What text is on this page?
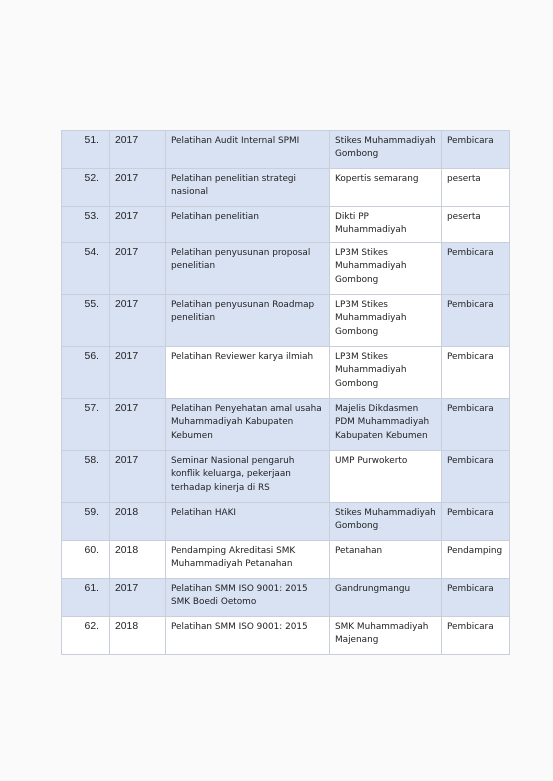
51.	2017	Pelatihan Audit Internal SPMI	Stikes Muhammadiyah Gombong	Pembicara
52.	2017	Pelatihan penelitian strategi nasional	Kopertis semarang	peserta
53.	2017	Pelatihan penelitian	Dikti PP Muhammadiyah	peserta
54.	2017	Pelatihan penyusunan proposal penelitian	LP3M Stikes Muhammadiyah Gombong	Pembicara
55.	2017	Pelatihan penyusunan Roadmap penelitian	LP3M Stikes Muhammadiyah Gombong	Pembicara
56.	2017	Pelatihan Reviewer karya ilmiah	LP3M Stikes Muhammadiyah Gombong	Pembicara
57.	2017	Pelatihan Penyehatan amal usaha Muhammadiyah Kabupaten Kebumen	Majelis Dikdasmen PDM Muhammadiyah Kabupaten Kebumen	Pembicara
58.	2017	Seminar Nasional pengaruh konflik keluarga, pekerjaan terhadap kinerja di RS	UMP Purwokerto	Pembicara
59.	2018	Pelatihan HAKI	Stikes Muhammadiyah Gombong	Pembicara
60.	2018	Pendamping Akreditasi SMK Muhammadiyah Petanahan	Petanahan	Pendamping
61.	2017	Pelatihan SMM ISO 9001: 2015 SMK Boedi Oetomo	Gandrungmangu	Pembicara
62.	2018	Pelatihan SMM ISO 9001: 2015	SMK Muhammadiyah Majenang	Pembicara
